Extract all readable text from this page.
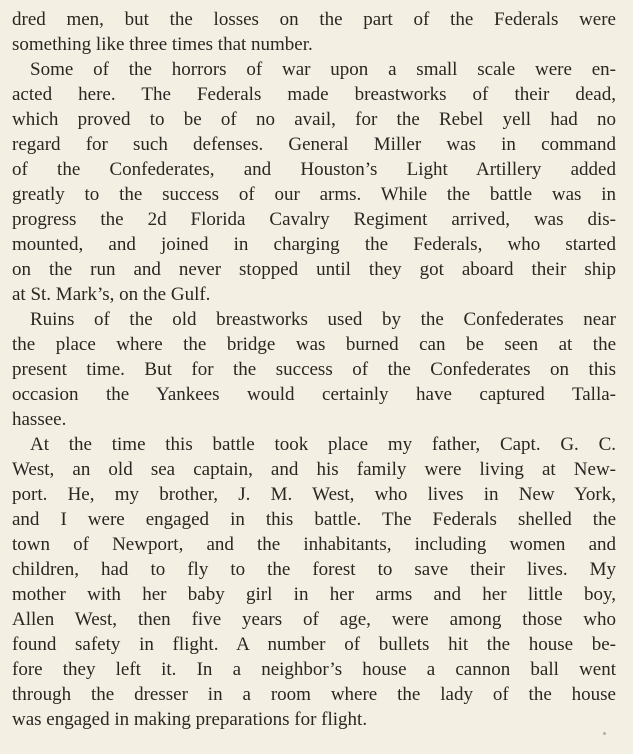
dred men, but the losses on the part of the Federals were

something like three times that number.

Some of the horrors of war upon a small scale were en-

acted here. The Federals made breastworks of their dead,

which proved to be of no avail, for the Rebel yell had no

regard for such defenses. General Miller was in command

of the Confederates, and Houston’s Light Artillery added

greatly to the success of our arms. While the battle was in

progress the 2d Florida Cavalry Regiment arrived, was dis-

mounted, and joined in charging the Federals, who started

on the run and never stopped until they got aboard their ship

at St. Mark’s, on the Gulf.

Ruins of the old breastworks used by the Confederates near

the place where the bridge was burned can be seen at the

present time. But for the success of the Confederates on this

occasion the Yankees would certainly have captured Talla-

hassee.

At the time this battle took place my father, Capt. G. C.

West, an old sea captain, and his family were living at New-

port. He, my brother, J. M. West, who lives in New York,

and I were engaged in this battle. The Federals shelled the

town of Newport, and the inhabitants, including women and

children, had to fly to the forest to save their lives. My

mother with her baby girl in her arms and her little boy,

Allen West, then five years of age, were among those who

found safety in flight. A number of bullets hit the house be-

fore they left it. In a neighbor’s house a cannon ball went

through the dresser in a room where the lady of the house

was engaged in making preparations for flight.
